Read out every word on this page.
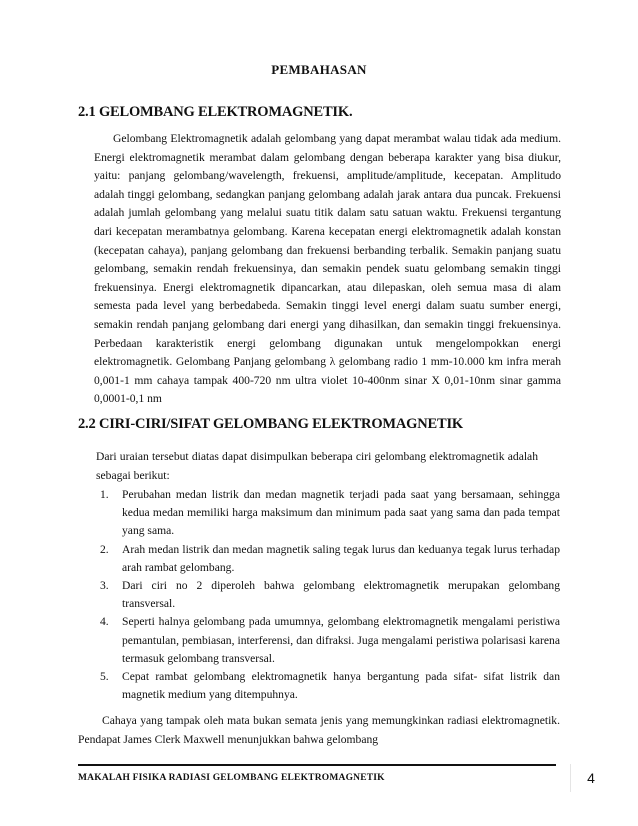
PEMBAHASAN
2.1 GELOMBANG ELEKTROMAGNETIK.

Gelombang Elektromagnetik adalah gelombang yang dapat merambat walau tidak ada medium. Energi elektromagnetik merambat dalam gelombang dengan beberapa karakter yang bisa diukur, yaitu: panjang gelombang/wavelength, frekuensi, amplitude/amplitude, kecepatan. Amplitudo adalah tinggi gelombang, sedangkan panjang gelombang adalah jarak antara dua puncak. Frekuensi adalah jumlah gelombang yang melalui suatu titik dalam satu satuan waktu. Frekuensi tergantung dari kecepatan merambatnya gelombang. Karena kecepatan energi elektromagnetik adalah konstan (kecepatan cahaya), panjang gelombang dan frekuensi berbanding terbalik. Semakin panjang suatu gelombang, semakin rendah frekuensinya, dan semakin pendek suatu gelombang semakin tinggi frekuensinya. Energi elektromagnetik dipancarkan, atau dilepaskan, oleh semua masa di alam semesta pada level yang berbedabeda. Semakin tinggi level energi dalam suatu sumber energi, semakin rendah panjang gelombang dari energi yang dihasilkan, dan semakin tinggi frekuensinya. Perbedaan karakteristik energi gelombang digunakan untuk mengelompokkan energi elektromagnetik. Gelombang Panjang gelombang λ gelombang radio 1 mm-10.000 km infra merah 0,001-1 mm cahaya tampak 400-720 nm ultra violet 10-400nm sinar X 0,01-10nm sinar gamma 0,0001-0,1 nm

2.2 CIRI-CIRI/SIFAT GELOMBANG ELEKTROMAGNETIK

Dari uraian tersebut diatas dapat disimpulkan beberapa ciri gelombang elektromagnetik adalah sebagai berikut:

1. Perubahan medan listrik dan medan magnetik terjadi pada saat yang bersamaan, sehingga kedua medan memiliki harga maksimum dan minimum pada saat yang sama dan pada tempat yang sama.
2. Arah medan listrik dan medan magnetik saling tegak lurus dan keduanya tegak lurus terhadap arah rambat gelombang.
3. Dari ciri no 2 diperoleh bahwa gelombang elektromagnetik merupakan gelombang transversal.
4. Seperti halnya gelombang pada umumnya, gelombang elektromagnetik mengalami peristiwa pemantulan, pembiasan, interferensi, dan difraksi. Juga mengalami peristiwa polarisasi karena termasuk gelombang transversal.
5. Cepat rambat gelombang elektromagnetik hanya bergantung pada sifat- sifat listrik dan magnetik medium yang ditempuhnya.

Cahaya yang tampak oleh mata bukan semata jenis yang memungkinkan radiasi elektromagnetik. Pendapat James Clerk Maxwell menunjukkan bahwa gelombang

MAKALAH FISIKA RADIASI GELOMBANG ELEKTROMAGNETIK	4
